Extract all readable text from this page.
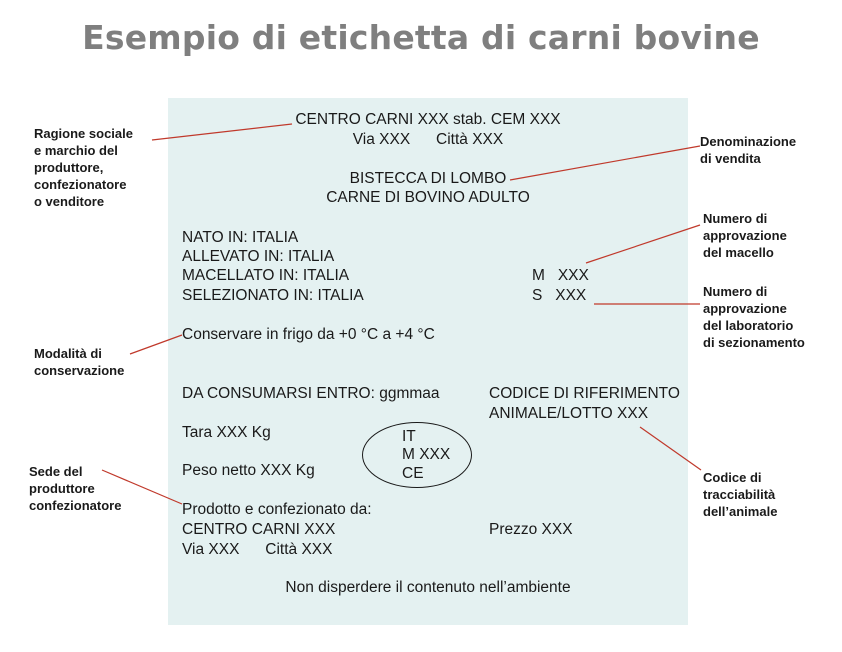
Esempio di etichetta di carni bovine
CENTRO CARNI XXX stab. CEM XXX
Via XXX      Città XXX
BISTECCA DI LOMBO
CARNE DI BOVINO ADULTO
NATO IN: ITALIA
ALLEVATO IN: ITALIA
MACELLATO IN: ITALIA
SELEZIONATO IN: ITALIA
M   XXX
S   XXX
Conservare in frigo da +0 °C a +4 °C
DA CONSUMARSI ENTRO: ggmmaa	CODICE DI RIFERIMENTO
ANIMALE/LOTTO XXX
Tara XXX Kg
Peso netto XXX Kg
IT
M XXX
CE
Prodotto e confezionato da:
CENTRO CARNI XXX
Via XXX      Città XXX
Prezzo XXX
Non disperdere il contenuto nell’ambiente
Ragione sociale
e marchio del
produttore,
confezionatore
o venditore
Denominazione
di vendita
Numero di
approvazione
del macello
Numero di
approvazione
del laboratorio
di sezionamento
Modalità di
conservazione
Sede del
produttore
confezionatore
Codice di
tracciabilità
dell’animale
